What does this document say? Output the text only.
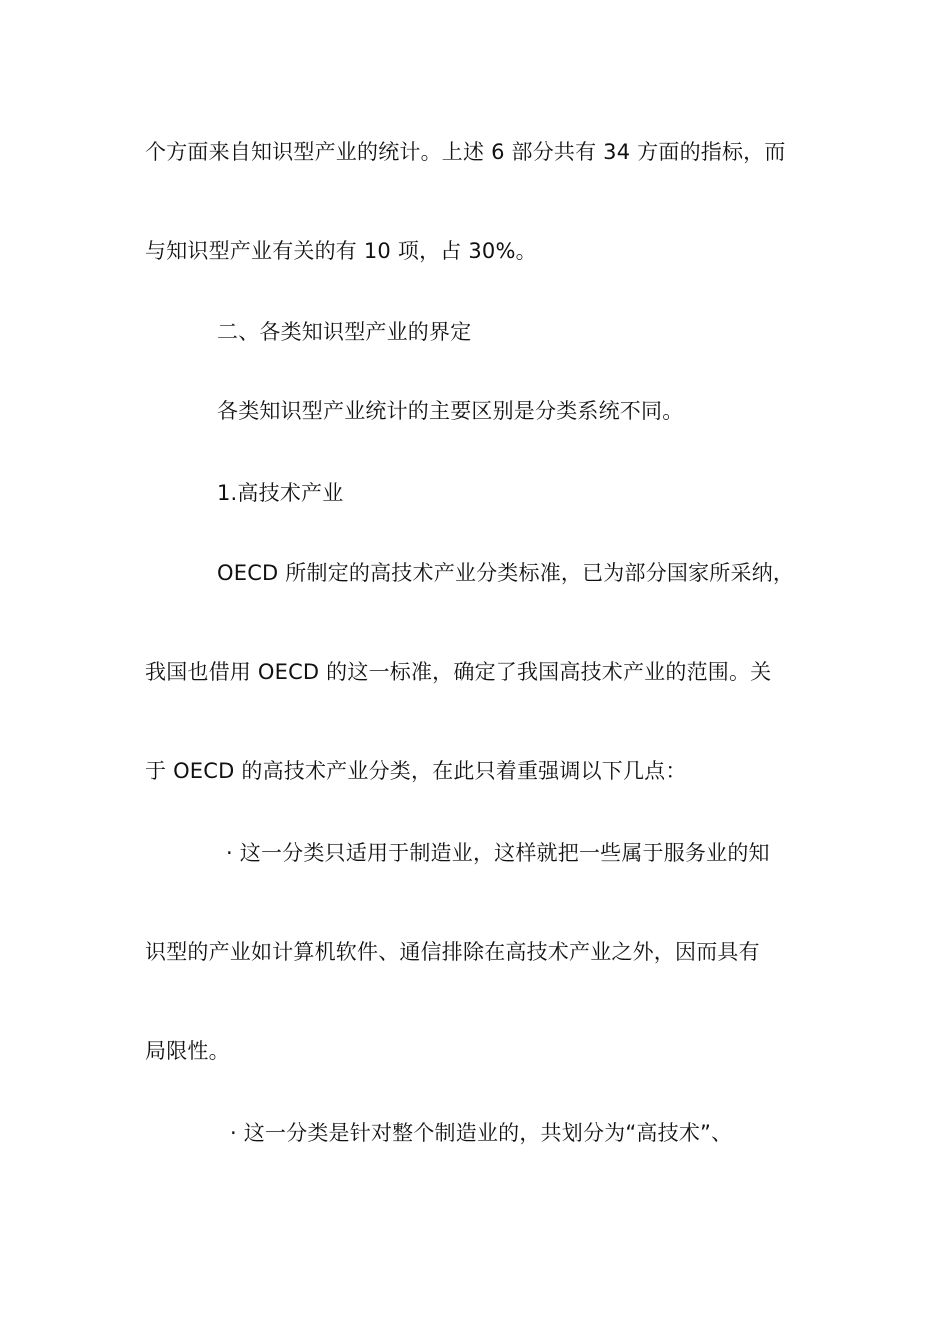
个方面来自知识型产业的统计。上述 6 部分共有 34 方面的指标，而
与知识型产业有关的有 10 项，占 30%。
二、各类知识型产业的界定
各类知识型产业统计的主要区别是分类系统不同。
1.高技术产业
OECD 所制定的高技术产业分类标准，已为部分国家所采纳，
我国也借用 OECD 的这一标准，确定了我国高技术产业的范围。关
于 OECD 的高技术产业分类，在此只着重强调以下几点：
· 这一分类只适用于制造业，这样就把一些属于服务业的知
识型的产业如计算机软件、通信排除在高技术产业之外，因而具有
局限性。
· 这一分类是针对整个制造业的，共划分为“高技术”、
